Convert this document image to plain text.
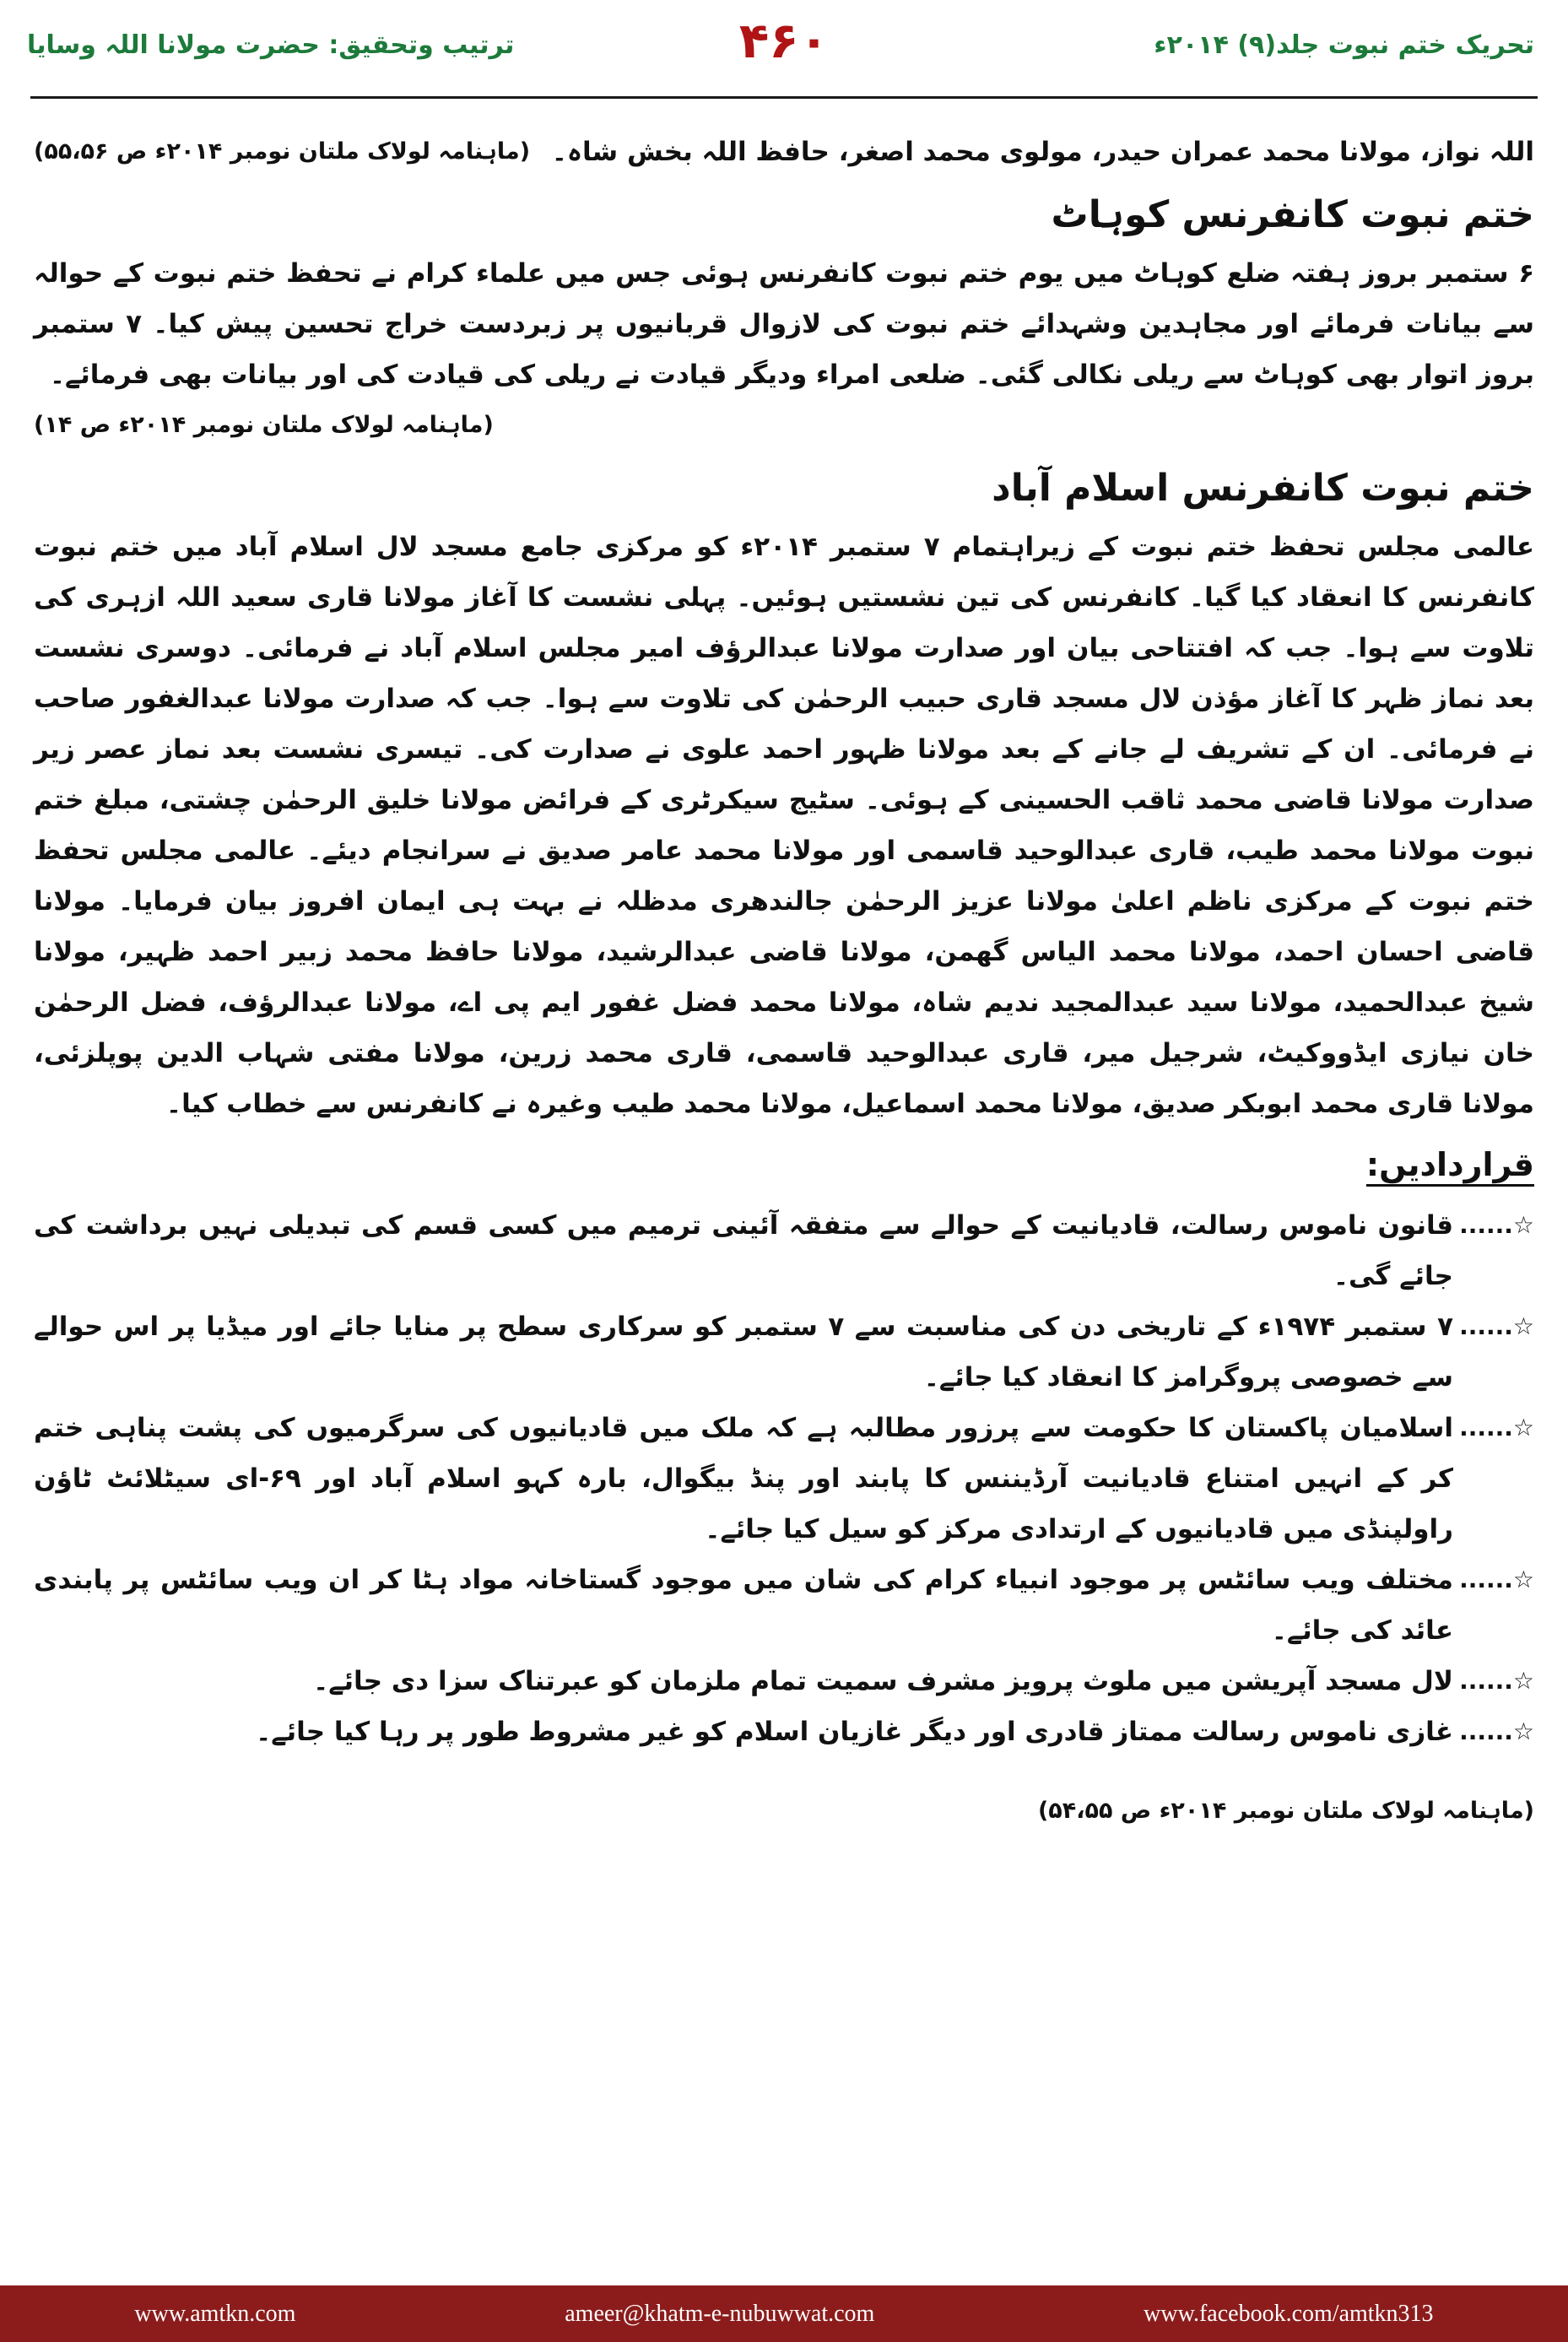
تحریک ختم نبوت جلد(۹) ۲۰۱۴ء
۴۶۰
ترتیب وتحقیق: حضرت مولانا اللہ وسایا
اللہ نواز، مولانا محمد عمران حیدر، مولوی محمد اصغر، حافظ اللہ بخش شاہ۔
(ماہنامہ لولاک ملتان نومبر ۲۰۱۴ء ص ۵۵،۵۶)
ختم نبوت کانفرنس کوہاٹ

۶ ستمبر بروز ہفتہ ضلع کوہاٹ میں یوم ختم نبوت کانفرنس ہوئی جس میں علماء کرام نے تحفظ ختم نبوت کے حوالہ سے بیانات فرمائے اور مجاہدین وشہدائے ختم نبوت کی لازوال قربانیوں پر زبردست خراج تحسین پیش کیا۔ ۷ ستمبر بروز اتوار بھی کوہاٹ سے ریلی نکالی گئی۔ ضلعی امراء ودیگر قیادت نے ریلی کی قیادت کی اور بیانات بھی فرمائے۔

(ماہنامہ لولاک ملتان نومبر ۲۰۱۴ء ص ۱۴)
ختم نبوت کانفرنس اسلام آباد

عالمی مجلس تحفظ ختم نبوت کے زیراہتمام ۷ ستمبر ۲۰۱۴ء کو مرکزی جامع مسجد لال اسلام آباد میں ختم نبوت کانفرنس کا انعقاد کیا گیا۔ کانفرنس کی تین نشستیں ہوئیں۔ پہلی نشست کا آغاز مولانا قاری سعید اللہ ازہری کی تلاوت سے ہوا۔ جب کہ افتتاحی بیان اور صدارت مولانا عبدالرؤف امیر مجلس اسلام آباد نے فرمائی۔ دوسری نشست بعد نماز ظہر کا آغاز مؤذن لال مسجد قاری حبیب الرحمٰن کی تلاوت سے ہوا۔ جب کہ صدارت مولانا عبدالغفور صاحب نے فرمائی۔ ان کے تشریف لے جانے کے بعد مولانا ظہور احمد علوی نے صدارت کی۔ تیسری نشست بعد نماز عصر زیر صدارت مولانا قاضی محمد ثاقب الحسینی کے ہوئی۔ سٹیج سیکرٹری کے فرائض مولانا خلیق الرحمٰن چشتی، مبلغ ختم نبوت مولانا محمد طیب، قاری عبدالوحید قاسمی اور مولانا محمد عامر صدیق نے سرانجام دیئے۔ عالمی مجلس تحفظ ختم نبوت کے مرکزی ناظم اعلیٰ مولانا عزیز الرحمٰن جالندھری مدظلہ نے بہت ہی ایمان افروز بیان فرمایا۔ مولانا قاضی احسان احمد، مولانا محمد الیاس گھمن، مولانا قاضی عبدالرشید، مولانا حافظ محمد زبیر احمد ظہیر، مولانا شیخ عبدالحمید، مولانا سید عبدالمجید ندیم شاہ، مولانا محمد فضل غفور ایم پی اے، مولانا عبدالرؤف، فضل الرحمٰن خان نیازی ایڈووکیٹ، شرجیل میر، قاری عبدالوحید قاسمی، قاری محمد زرین، مولانا مفتی شہاب الدین پوپلزئی، مولانا قاری محمد ابوبکر صدیق، مولانا محمد اسماعیل، مولانا محمد طیب وغیرہ نے کانفرنس سے خطاب کیا۔

قراردادیں:
☆......
قانون ناموس رسالت، قادیانیت کے حوالے سے متفقہ آئینی ترمیم میں کسی قسم کی تبدیلی نہیں برداشت کی جائے گی۔
☆......
۷ ستمبر ۱۹۷۴ء کے تاریخی دن کی مناسبت سے ۷ ستمبر کو سرکاری سطح پر منایا جائے اور میڈیا پر اس حوالے سے خصوصی پروگرامز کا انعقاد کیا جائے۔
☆......
اسلامیان پاکستان کا حکومت سے پرزور مطالبہ ہے کہ ملک میں قادیانیوں کی سرگرمیوں کی پشت پناہی ختم کر کے انہیں امتناع قادیانیت آرڈیننس کا پابند اور پنڈ بیگوال، بارہ کہو اسلام آباد اور ۶۹-ای سیٹلائٹ ٹاؤن راولپنڈی میں قادیانیوں کے ارتدادی مرکز کو سیل کیا جائے۔
☆......
مختلف ویب سائٹس پر موجود انبیاء کرام کی شان میں موجود گستاخانہ مواد ہٹا کر ان ویب سائٹس پر پابندی عائد کی جائے۔
☆......
لال مسجد آپریشن میں ملوث پرویز مشرف سمیت تمام ملزمان کو عبرتناک سزا دی جائے۔
☆......
غازی ناموس رسالت ممتاز قادری اور دیگر غازیان اسلام کو غیر مشروط طور پر رہا کیا جائے۔
(ماہنامہ لولاک ملتان نومبر ۲۰۱۴ء ص ۵۴،۵۵)
www.amtkn.com	ameer@khatm-e-nubuwwat.com	www.facebook.com/amtkn313
